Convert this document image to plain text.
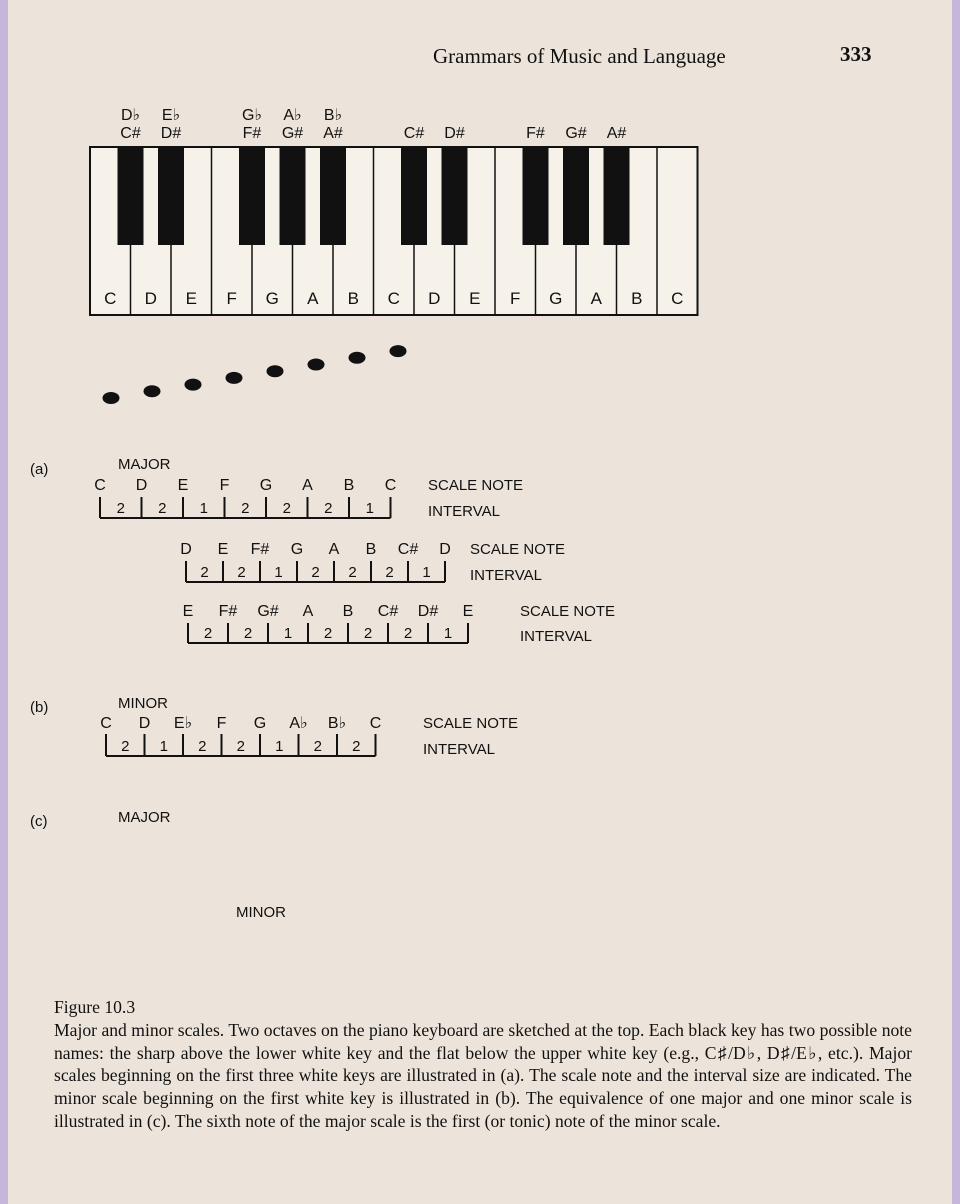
Grammars of Music and Language	333
C D E F G A B C D E F G A B C
D♭
C#
E♭
D#
G♭
F#
A♭
G#
B♭
A#	C# D#	F# G# A#
(a)	MAJOR
C D E F G A B C
2 2 1 2 2 2 1
SCALE NOTE
INTERVAL
D E F# G A B C# D
2 2 1 2 2 2 1
SCALE NOTE
INTERVAL
E F# G# A B C# D# E
2 2 1 2 2 2 1
SCALE NOTE
INTERVAL
(b)	MINOR
C D E♭ F G A♭ B♭ C
2 1 2 2 1 2 2
SCALE NOTE
INTERVAL
(c)	MAJOR
MINOR
Figure 10.3
Major and minor scales. Two octaves on the piano keyboard are sketched at the top. Each black key has two possible note names: the sharp above the lower white key and the flat below the upper white key (e.g., C♯/D♭, D♯/E♭, etc.). Major scales beginning on the first three white keys are illustrated in (a). The scale note and the interval size are indicated. The minor scale beginning on the first white key is illustrated in (b). The equivalence of one major and one minor scale is illustrated in (c). The sixth note of the major scale is the first (or tonic) note of the minor scale.
